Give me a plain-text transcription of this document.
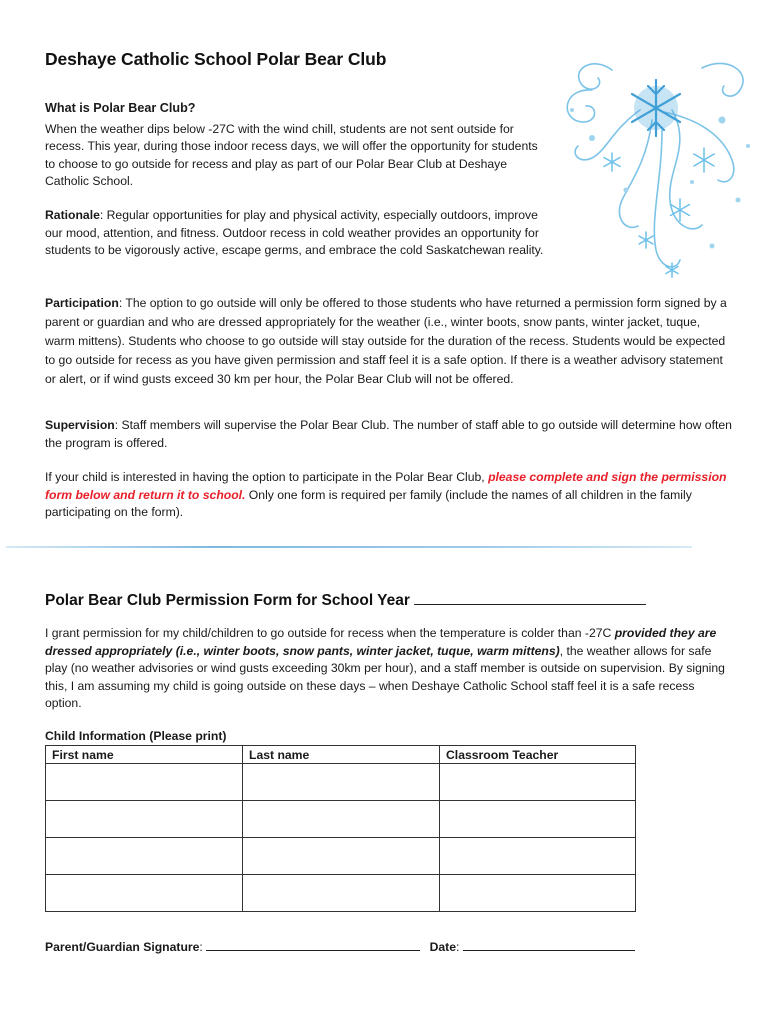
Deshaye Catholic School Polar Bear Club
What is Polar Bear Club?
When the weather dips below -27C with the wind chill, students are not sent outside for recess. This year, during those indoor recess days, we will offer the opportunity for students to choose to go outside for recess and play as part of our Polar Bear Club at Deshaye Catholic School.
Rationale: Regular opportunities for play and physical activity, especially outdoors, improve our mood, attention, and fitness. Outdoor recess in cold weather provides an opportunity for students to be vigorously active, escape germs, and embrace the cold Saskatchewan reality.
Participation: The option to go outside will only be offered to those students who have returned a permission form signed by a parent or guardian and who are dressed appropriately for the weather (i.e., winter boots, snow pants, winter jacket, tuque, warm mittens). Students who choose to go outside will stay outside for the duration of the recess. Students would be expected to go outside for recess as you have given permission and staff feel it is a safe option. If there is a weather advisory statement or alert, or if wind gusts exceed 30 km per hour, the Polar Bear Club will not be offered.
Supervision: Staff members will supervise the Polar Bear Club. The number of staff able to go outside will determine how often the program is offered.
If your child is interested in having the option to participate in the Polar Bear Club, please complete and sign the permission form below and return it to school. Only one form is required per family (include the names of all children in the family participating on the form).
Polar Bear Club Permission Form for School Year
I grant permission for my child/children to go outside for recess when the temperature is colder than -27C provided they are dressed appropriately (i.e., winter boots, snow pants, winter jacket, tuque, warm mittens), the weather allows for safe play (no weather advisories or wind gusts exceeding 30km per hour), and a staff member is outside on supervision. By signing this, I am assuming my child is going outside on these days – when Deshaye Catholic School staff feel it is a safe recess option.
Child Information (Please print)
First name	Last name	Classroom Teacher

Parent/Guardian Signature:	Date:
